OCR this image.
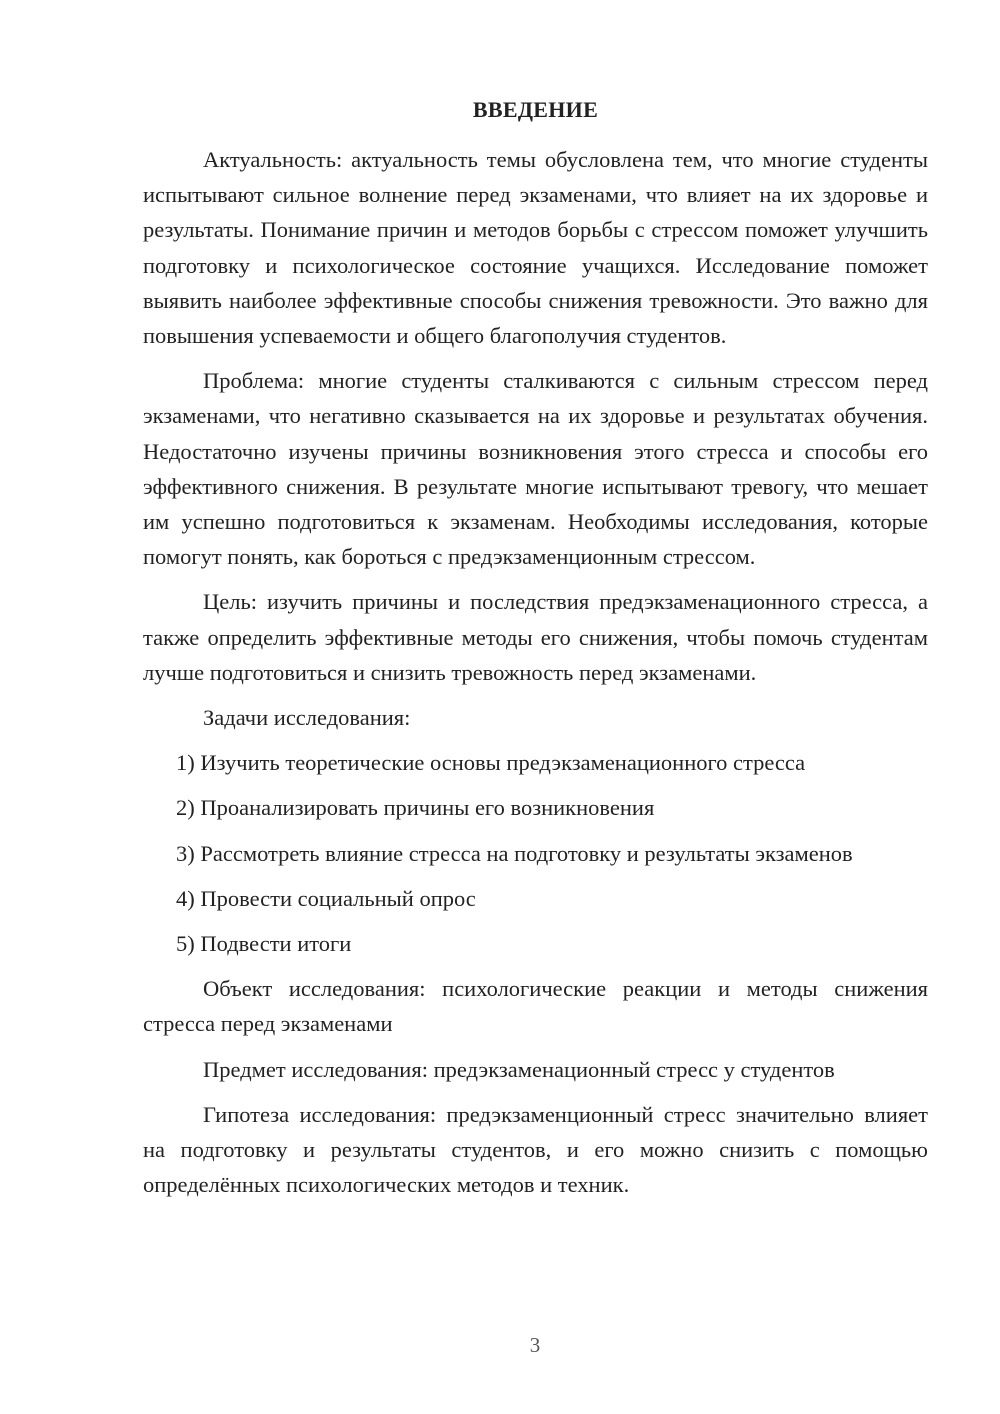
ВВЕДЕНИЕ

Актуальность: актуальность темы обусловлена тем, что многие студенты испытывают сильное волнение перед экзаменами, что влияет на их здоровье и результаты. Понимание причин и методов борьбы с стрессом поможет улучшить подготовку и психологическое состояние учащихся. Исследование поможет выявить наиболее эффективные способы снижения тревожности. Это важно для повышения успеваемости и общего благополучия студентов.

Проблема: многие студенты сталкиваются с сильным стрессом перед экзаменами, что негативно сказывается на их здоровье и результатах обучения. Недостаточно изучены причины возникновения этого стресса и способы его эффективного снижения. В результате многие испытывают тревогу, что мешает им успешно подготовиться к экзаменам. Необходимы исследования, которые помогут понять, как бороться с предэкзаменционным стрессом.

Цель: изучить причины и последствия предэкзаменационного стресса, а также определить эффективные методы его снижения, чтобы помочь студентам лучше подготовиться и снизить тревожность перед экзаменами.

Задачи исследования:

1) Изучить теоретические основы предэкзаменационного стресса

2) Проанализировать причины его возникновения

3) Рассмотреть влияние стресса на подготовку и результаты экзаменов

4) Провести социальный опрос

5) Подвести итоги

Объект исследования: психологические реакции и методы снижения стресса перед экзаменами

Предмет исследования: предэкзаменационный стресс у студентов

Гипотеза исследования: предэкзаменционный стресс значительно влияет на подготовку и результаты студентов, и его можно снизить с помощью определённых психологических методов и техник.

3
